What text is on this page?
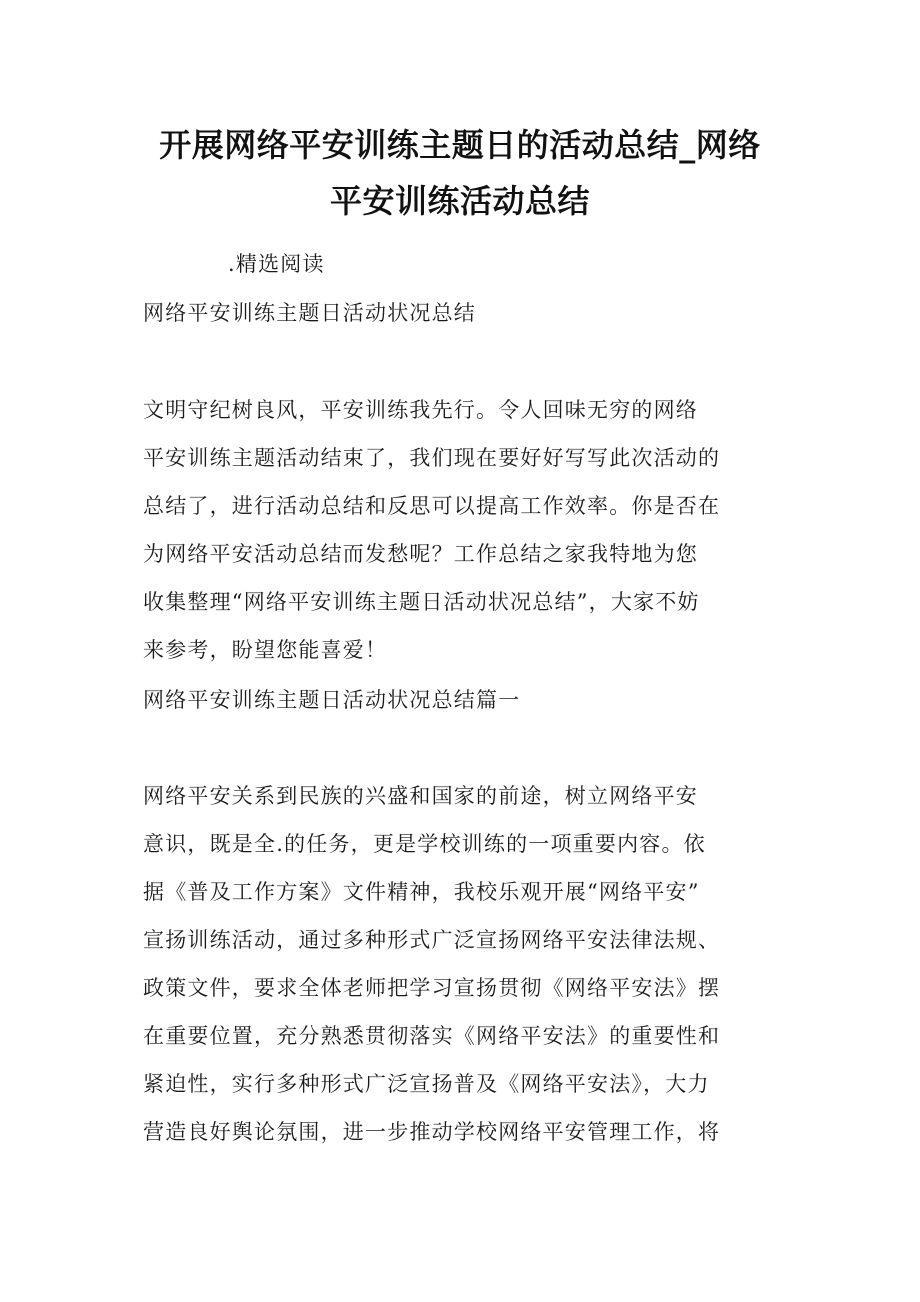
开展网络平安训练主题日的活动总结_网络
平安训练活动总结

.精选阅读

网络平安训练主题日活动状况总结

文明守纪树良风，平安训练我先行。令人回味无穷的网络

平安训练主题活动结束了，我们现在要好好写写此次活动的

总结了，进行活动总结和反思可以提高工作效率。你是否在

为网络平安活动总结而发愁呢？工作总结之家我特地为您

收集整理“网络平安训练主题日活动状况总结”，大家不妨

来参考，盼望您能喜爱！

网络平安训练主题日活动状况总结篇一

网络平安关系到民族的兴盛和国家的前途，树立网络平安

意识，既是全.的任务，更是学校训练的一项重要内容。依

据《普及工作方案》文件精神，我校乐观开展“网络平安”

宣扬训练活动，通过多种形式广泛宣扬网络平安法律法规、

政策文件，要求全体老师把学习宣扬贯彻《网络平安法》摆

在重要位置，充分熟悉贯彻落实《网络平安法》的重要性和

紧迫性，实行多种形式广泛宣扬普及《网络平安法》，大力

营造良好舆论氛围，进一步推动学校网络平安管理工作，将
